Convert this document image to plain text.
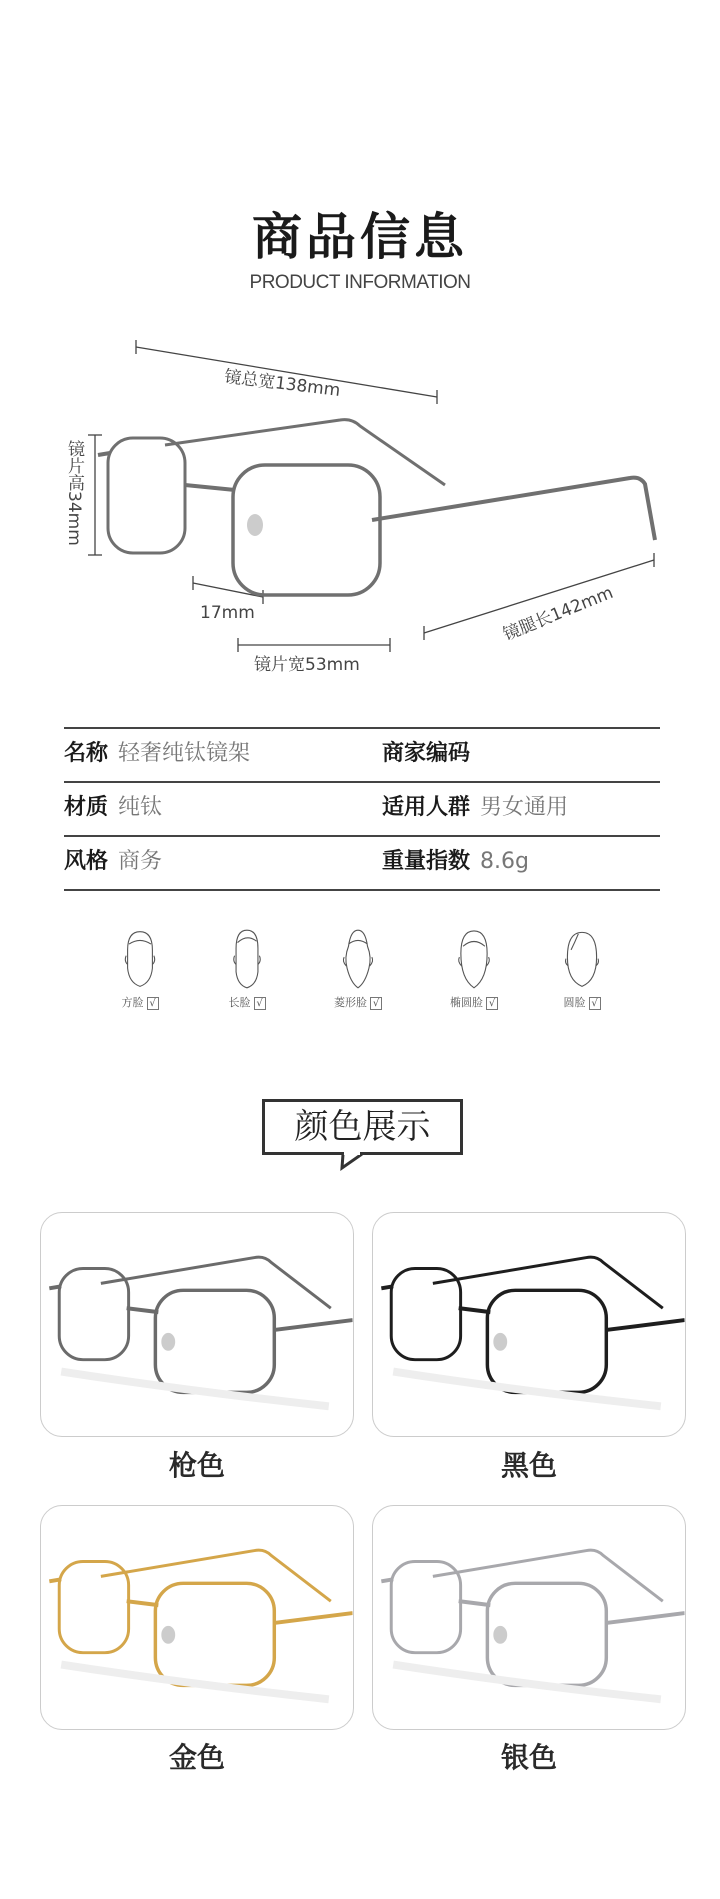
商品信息
PRODUCT INFORMATION
镜总宽138mm
镜片高34mm
17mm
镜片宽53mm
镜腿长142mm
名称 轻奢纯钛镜架	商家编码
材质 纯钛	适用人群 男女通用
风格 商务	重量指数 8.6g
方脸 √	长脸 √	菱形脸 √	椭圆脸 √	圆脸 √
颜色展示
枪色	黑色
金色	银色
